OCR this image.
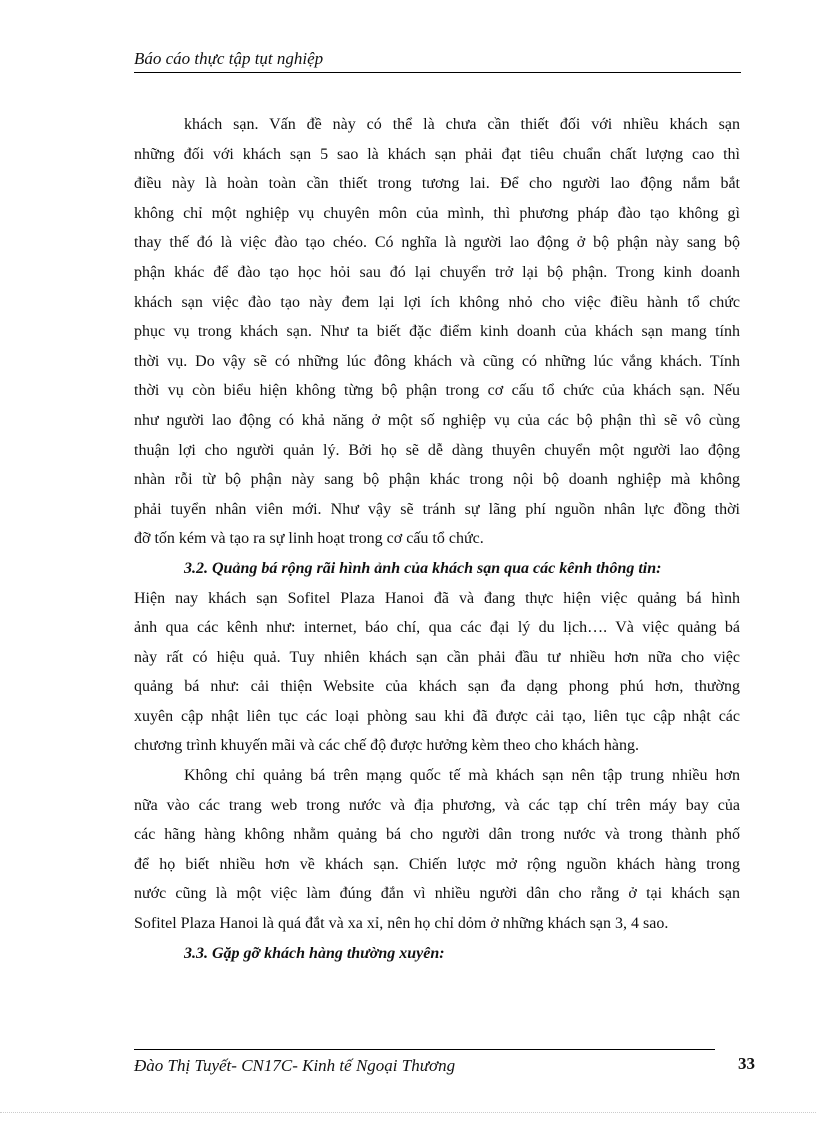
Báo cáo thực tập tụt nghiệp
khách sạn. Vấn đề này có thể là chưa cần thiết đối với nhiều khách sạn
những đối với khách sạn 5 sao là khách sạn phải đạt tiêu chuẩn chất lượng cao thì
điều này là hoàn toàn cần thiết trong tương lai. Để cho người lao động nắm bắt
không chỉ một nghiệp vụ chuyên môn của mình, thì phương pháp đào tạo không gì
thay thế đó là việc đào tạo chéo. Có nghĩa là người lao động ở bộ phận này sang bộ
phận khác để đào tạo học hỏi sau đó lại chuyển trở lại bộ phận. Trong kinh doanh
khách sạn việc đào tạo này đem lại lợi ích không nhỏ cho việc điều hành tổ chức
phục vụ trong khách sạn. Như ta biết đặc điểm kinh doanh của khách sạn mang tính
thời vụ. Do vậy sẽ có những lúc đông khách và cũng có những lúc vắng khách. Tính
thời vụ còn biểu hiện không từng bộ phận trong cơ cấu tổ chức của khách sạn. Nếu
như người lao động có khả năng ở một số nghiệp vụ của các bộ phận thì sẽ vô cùng
thuận lợi cho người quản lý. Bởi họ sẽ dễ dàng thuyên chuyển một người lao động
nhàn rỗi từ bộ phận này sang bộ phận khác trong nội bộ doanh nghiệp mà không
phải tuyển nhân viên mới. Như vậy sẽ tránh sự lãng phí nguồn nhân lực đồng thời
đỡ tốn kém và tạo ra sự linh hoạt trong cơ cấu tổ chức.
3.2. Quảng bá rộng rãi hình ảnh của khách sạn qua các kênh thông tin:
Hiện nay khách sạn Sofitel Plaza Hanoi đã và đang thực hiện việc quảng bá hình
ảnh qua các kênh như: internet, báo chí, qua các đại lý du lịch…. Và việc quảng bá
này rất có hiệu quả. Tuy nhiên khách sạn cần phải đầu tư nhiều hơn nữa cho việc
quảng bá như: cải thiện Website của khách sạn đa dạng phong phú hơn, thường
xuyên cập nhật liên tục các loại phòng sau khi đã được cải tạo, liên tục cập nhật các
chương trình khuyến mãi và các chế độ được hưởng kèm theo cho khách hàng.
Không chỉ quảng bá trên mạng quốc tế mà khách sạn nên tập trung nhiều hơn
nữa vào các trang web trong nước và địa phương, và các tạp chí trên máy bay của
các hãng hàng không nhằm quảng bá cho người dân trong nước và trong thành phố
để họ biết nhiều hơn về khách sạn. Chiến lược mở rộng nguồn khách hàng trong
nước cũng là một việc làm đúng đắn vì nhiều người dân cho rằng ở tại khách sạn
Sofitel Plaza Hanoi là quá đắt và xa xỉ, nên họ chỉ dỏm ở những khách sạn 3, 4 sao.
3.3. Gặp gỡ khách hàng thường xuyên:
Đào Thị Tuyết- CN17C- Kinh tế Ngoại Thương	33
